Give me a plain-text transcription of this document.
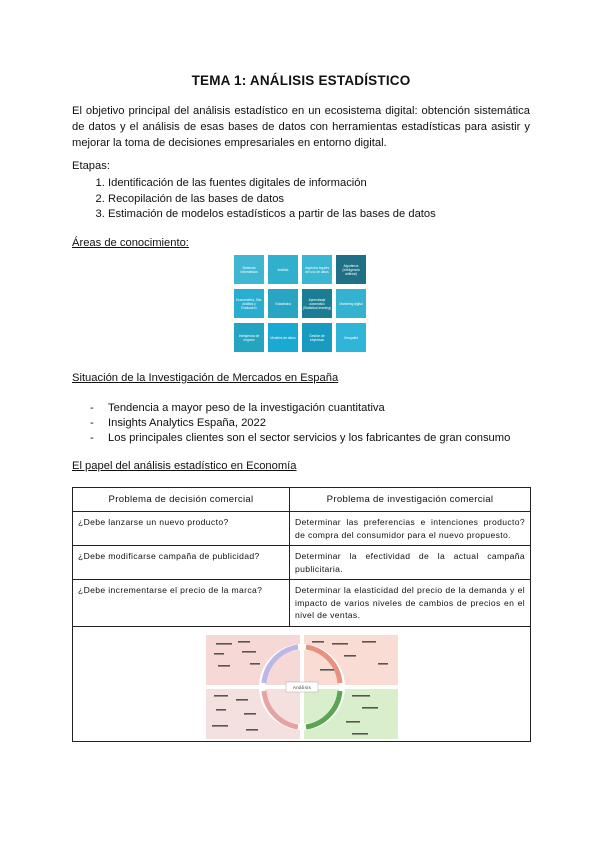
TEMA 1: ANÁLISIS ESTADÍSTICO
El objetivo principal del análisis estadístico en un ecosistema digital: obtención sistemática de datos y el análisis de esas bases de datos con herramientas estadísticas para asistir y mejorar la toma de decisiones empresariales en entorno digital.
Etapas:
1. Identificación de las fuentes digitales de información
2. Recopilación de las bases de datos
3. Estimación de modelos estadísticos a partir de las bases de datos
Áreas de conocimiento:
Sistemas Informáticos	Análisis	Aspectos legales del uso de datos
Algoritmos (Inteligencia artificial)
Econometría, Sist. Análisis y Evaluación
Estadística
Aprendizaje automático (Statistical learning)
Marketing digital
Inteligencia de negocio	Modelos de datos	Gestión de empresas	Geografía
Situación de la Investigación de Mercados en España
- Tendencia a mayor peso de la investigación cuantitativa
- Insights Analytics España, 2022
- Los principales clientes son el sector servicios y los fabricantes de gran consumo
El papel del análisis estadístico en Economía
Problema de decisión comercial	Problema de investigación comercial
¿Debe lanzarse un nuevo producto?	Determinar las preferencias e intenciones producto? de compra del consumidor para el nuevo propuesto.
¿Debe modificarse campaña de publicidad?	Determinar la efectividad de la actual campaña publicitaria.
¿Debe incrementarse el precio de la marca?	Determinar la elasticidad del precio de la demanda y el impacto de varios niveles de cambios de precios en el nivel de ventas.

Análisis	
